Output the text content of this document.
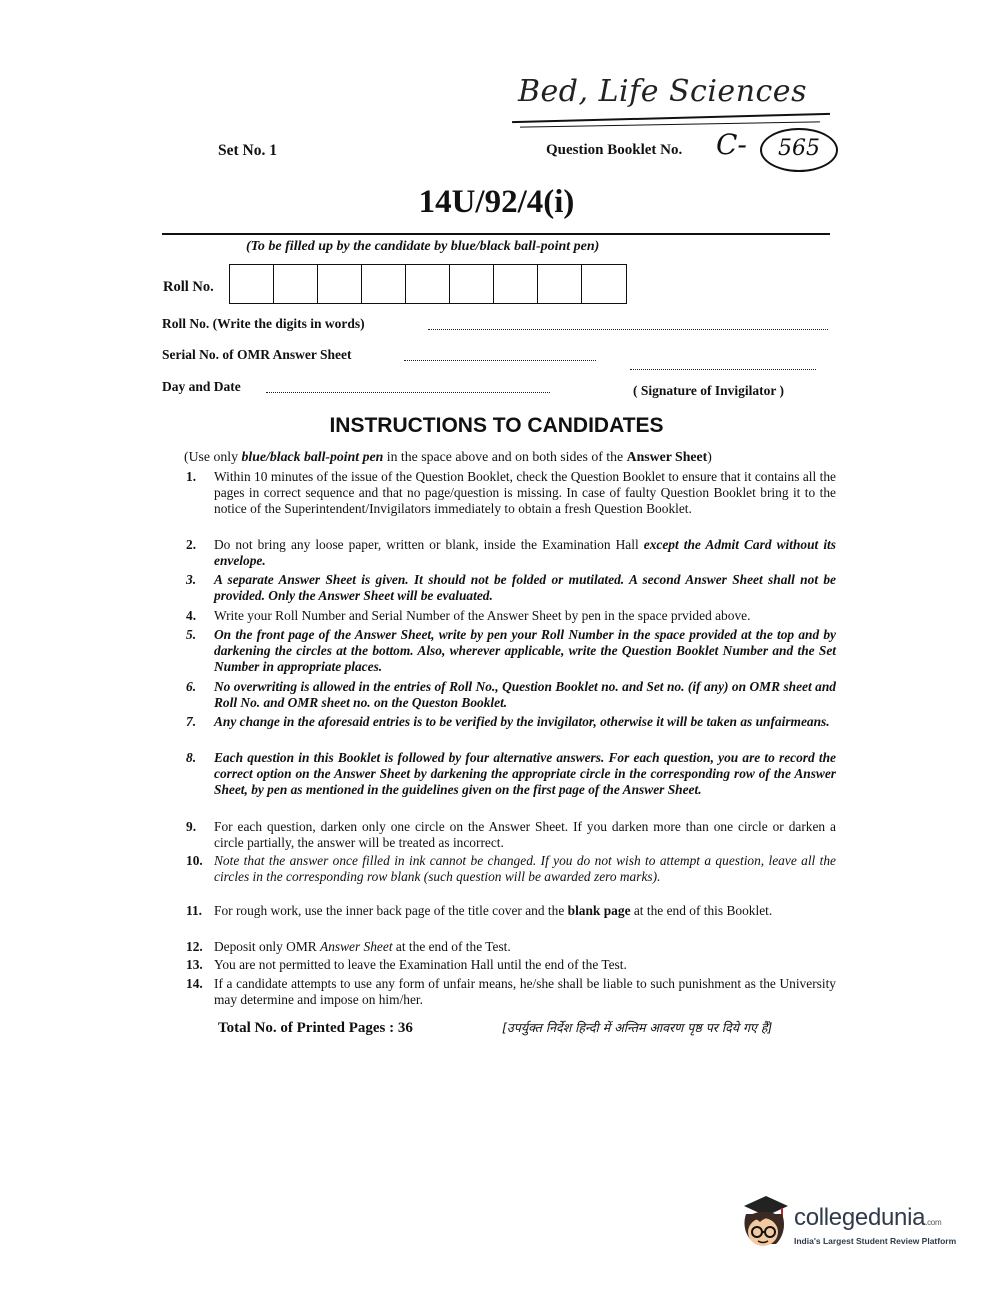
Bed, Life Sciences
Set No. 1	Question Booklet No. C-	565
14U/92/4(i)
(To be filled up by the candidate by blue/black ball-point pen)
Roll No.
Roll No. (Write the digits in words)
Serial No. of OMR Answer Sheet
Day and Date	( Signature of Invigilator )
INSTRUCTIONS TO CANDIDATES
(Use only blue/black ball-point pen in the space above and on both sides of the Answer Sheet)
1.	Within 10 minutes of the issue of the Question Booklet, check the Question Booklet to ensure that it contains all the pages in correct sequence and that no page/question is missing. In case of faulty Question Booklet bring it to the notice of the Superintendent/Invigilators immediately to obtain a fresh Question Booklet.
2.	Do not bring any loose paper, written or blank, inside the Examination Hall except the Admit Card without its envelope.
3.	A separate Answer Sheet is given. It should not be folded or mutilated. A second Answer Sheet shall not be provided. Only the Answer Sheet will be evaluated.
4.	Write your Roll Number and Serial Number of the Answer Sheet by pen in the space prvided above.
5.	On the front page of the Answer Sheet, write by pen your Roll Number in the space provided at the top and by darkening the circles at the bottom. Also, wherever applicable, write the Question Booklet Number and the Set Number in appropriate places.
6.	No overwriting is allowed in the entries of Roll No., Question Booklet no. and Set no. (if any) on OMR sheet and Roll No. and OMR sheet no. on the Queston Booklet.
7.	Any change in the aforesaid entries is to be verified by the invigilator, otherwise it will be taken as unfairmeans.
8.	Each question in this Booklet is followed by four alternative answers. For each question, you are to record the correct option on the Answer Sheet by darkening the appropriate circle in the corresponding row of the Answer Sheet, by pen as mentioned in the guidelines given on the first page of the Answer Sheet.
9.	For each question, darken only one circle on the Answer Sheet. If you darken more than one circle or darken a circle partially, the answer will be treated as incorrect.
10. Note that the answer once filled in ink cannot be changed. If you do not wish to attempt a question, leave all the circles in the corresponding row blank (such question will be awarded zero marks).
11. For rough work, use the inner back page of the title cover and the blank page at the end of this Booklet.
12. Deposit only OMR Answer Sheet at the end of the Test.
13. You are not permitted to leave the Examination Hall until the end of the Test.
14. If a candidate attempts to use any form of unfair means, he/she shall be liable to such punishment as the University may determine and impose on him/her.
Total No. of Printed Pages : 36	[उपर्युक्त निर्देश हिन्दी में अन्तिम आवरण पृष्ठ पर दिये गए हैं]
collegedunia.com
India's Largest Student Review Platform
